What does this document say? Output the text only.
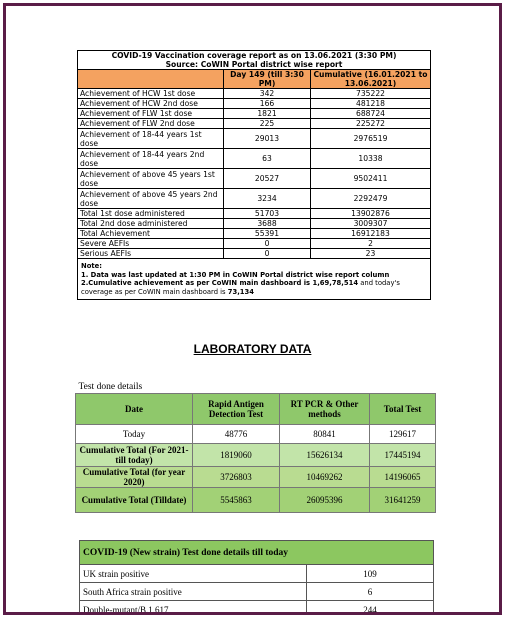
COVID-19 Vaccination coverage report as on 13.06.2021 (3:30 PM)
Source: CoWIN Portal district wise report		

	Day 149 (till 3:30 PM)	Cumulative (16.01.2021 to 13.06.2021)
Achievement of HCW 1st dose	342	735222
Achievement of HCW 2nd dose	166	481218
Achievement of FLW 1st dose	1821	688724
Achievement of FLW 2nd dose	225	225272
Achievement of 18-44 years 1st dose	29013	2976519
Achievement of 18-44 years 2nd dose	63	10338
Achievement of above 45 years 1st dose	20527	9502411
Achievement of above 45 years 2nd dose	3234	2292479
Total 1st dose administered	51703	13902876
Total 2nd dose administered	3688	3009307
Total Achievement	55391	16912183
Severe AEFIs	0	2
Serious AEFIs	0	23

Note:
1. Data was last updated at 1:30 PM in CoWIN Portal district wise report column
2.Cumulative achievement as per CoWIN main dashboard is 1,69,78,514 and today's coverage as per CoWIN main dashboard is 73,134		
LABORATORY DATA
Test done details			
Date	Rapid Antigen Detection Test	RT PCR & Other methods	Total Test
Today	48776	80841	129617
Cumulative Total (For 2021- till today)	1819060	15626134	17445194
Cumulative Total (for year 2020)	3726803	10469262	14196065
Cumulative Total (Tilldate)	5545863	26095396	31641259
COVID-19 (New strain) Test done details till today	
UK strain positive	109
South Africa strain positive	6
Double-mutant/B.1.617	244
